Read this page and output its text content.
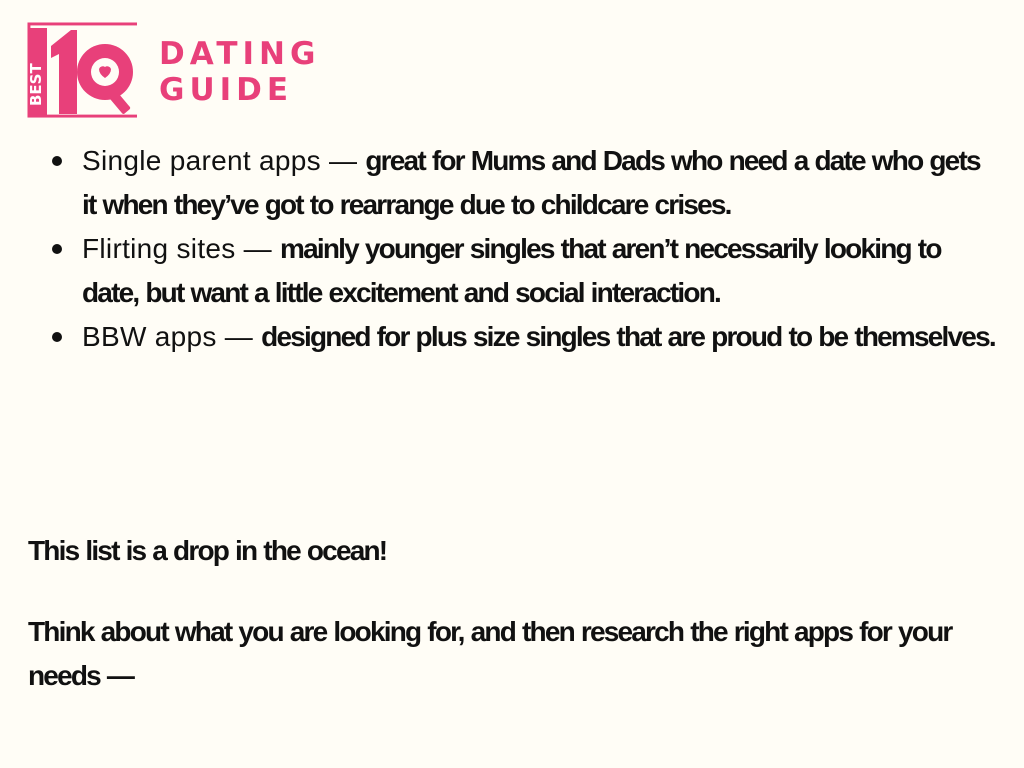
BEST
10
DATING
GUIDE
Single parent apps — great for Mums and Dads who need a date who gets it when they’ve got to rearrange due to childcare crises.
Flirting sites — mainly younger singles that aren’t necessarily looking to date, but want a little excitement and social interaction.
BBW apps — designed for plus size singles that are proud to be themselves.

This list is a drop in the ocean!

Think about what you are looking for, and then research the right apps for your needs —
